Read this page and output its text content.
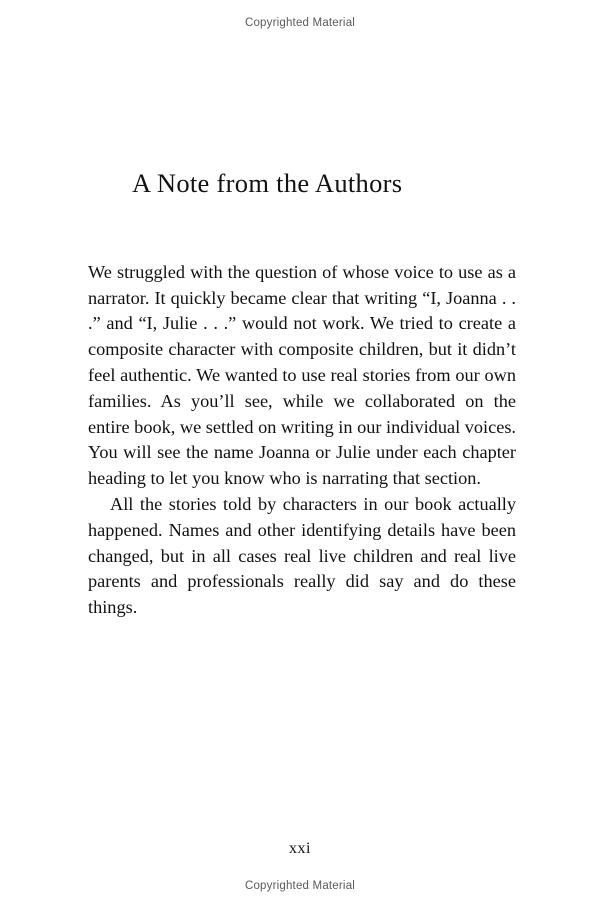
Copyrighted Material
A Note from the Authors

We struggled with the question of whose voice to use as a narrator. It quickly became clear that writing “I, Joanna . . .” and “I, Julie . . .” would not work. We tried to create a composite character with composite children, but it didn’t feel authentic. We wanted to use real stories from our own families. As you’ll see, while we collaborated on the entire book, we settled on writing in our individual voices. You will see the name Joanna or Julie under each chapter heading to let you know who is narrating that section.

All the stories told by characters in our book actually happened. Names and other identifying details have been changed, but in all cases real live children and real live parents and professionals really did say and do these things.

xxi
Copyrighted Material
